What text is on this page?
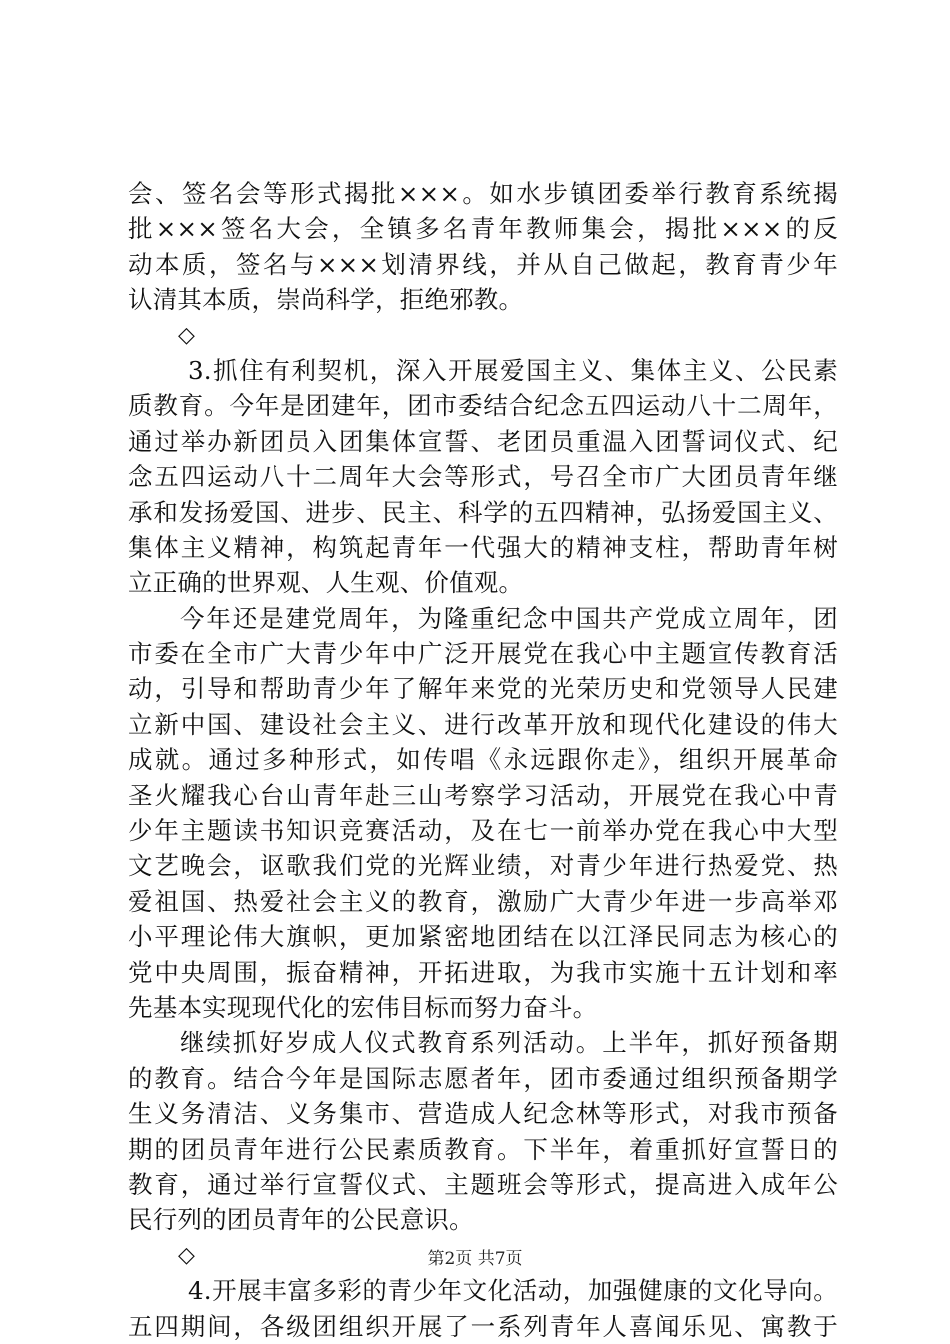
会、签名会等形式揭批×××。如水步镇团委举行教育系统揭
批×××签名大会，全镇多名青年教师集会，揭批×××的反
动本质，签名与×××划清界线，并从自己做起，教育青少年
认清其本质，崇尚科学，拒绝邪教。
◇
3.抓住有利契机，深入开展爱国主义、集体主义、公民素
质教育。今年是团建年，团市委结合纪念五四运动八十二周年，
通过举办新团员入团集体宣誓、老团员重温入团誓词仪式、纪
念五四运动八十二周年大会等形式，号召全市广大团员青年继
承和发扬爱国、进步、民主、科学的五四精神，弘扬爱国主义、
集体主义精神，构筑起青年一代强大的精神支柱，帮助青年树
立正确的世界观、人生观、价值观。
今年还是建党周年，为隆重纪念中国共产党成立周年，团
市委在全市广大青少年中广泛开展党在我心中主题宣传教育活
动，引导和帮助青少年了解年来党的光荣历史和党领导人民建
立新中国、建设社会主义、进行改革开放和现代化建设的伟大
成就。通过多种形式，如传唱《永远跟你走》，组织开展革命
圣火耀我心台山青年赴三山考察学习活动，开展党在我心中青
少年主题读书知识竞赛活动，及在七一前举办党在我心中大型
文艺晚会，讴歌我们党的光辉业绩，对青少年进行热爱党、热
爱祖国、热爱社会主义的教育，激励广大青少年进一步高举邓
小平理论伟大旗帜，更加紧密地团结在以江泽民同志为核心的
党中央周围，振奋精神，开拓进取，为我市实施十五计划和率
先基本实现现代化的宏伟目标而努力奋斗。
继续抓好岁成人仪式教育系列活动。上半年，抓好预备期
的教育。结合今年是国际志愿者年，团市委通过组织预备期学
生义务清洁、义务集市、营造成人纪念林等形式，对我市预备
期的团员青年进行公民素质教育。下半年，着重抓好宣誓日的
教育，通过举行宣誓仪式、主题班会等形式，提高进入成年公
民行列的团员青年的公民意识。
◇
4.开展丰富多彩的青少年文化活动，加强健康的文化导向。
五四期间，各级团组织开展了一系列青年人喜闻乐见、寓教于
第2页 共7页
